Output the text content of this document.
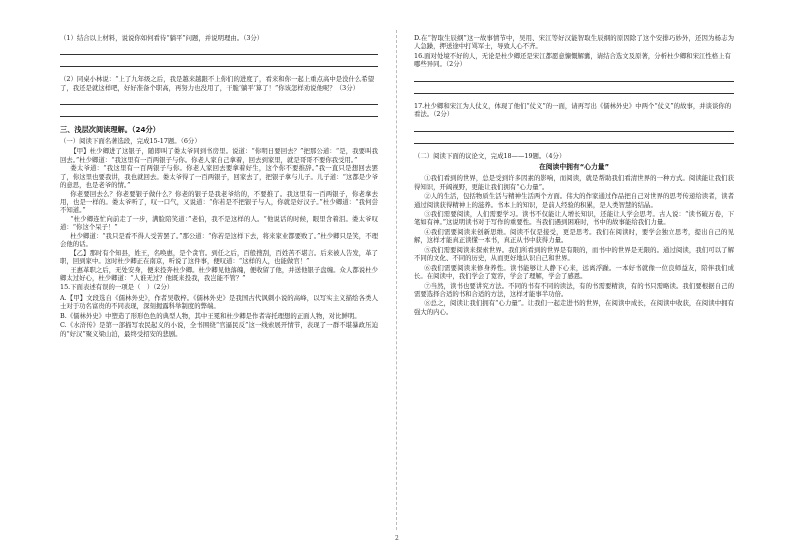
（1）结合以上材料，说说你如何看待“躺平”问题，并说明理由。（3分）
（2）同桌小林说：“上了九年级之后，我是越来越跟不上你们的进度了，看来和你一起上重点高中是没什么希望了，我还是就这样吧，好好准备个职高，再努力也没用了，干脆‘躺平’算了！”你该怎样劝说他呢？（3分）
三、浅层次阅读理解。（24分）
（一）阅读下面名著选段，完成15-17题。（6分）

【甲】杜少卿进了这银子，随即叫了娄太爷同到书房里。说道：“你明日要回去？”把那公道：“是，我要叫我回去。”杜少卿道：“我这里有一百两银子与你。你老人家自己拿着，回去到家里，就是哥哥不要你我受用。”

娄太爷道：“我这里有一百两银子与你。你老人家回去要拿着好生，这个你不要推辞。”我一直只是想回去罢了，你这里也要我讲，我也就回去。娄太爷得了一百两银子，回家去了，把银子拿与儿子。儿子道：“这都是少爷的意思，也是老爷的情。”

你老要回去么？你老要银子做什么？你老的银子是我老爷给的，不要推了。我这里有一百两银子，你老拿去用，也是一样的。娄太爷听了，叹一口气，又说道：“你若是不把银子与人，你就是好汉子。”杜少卿道：“我何尝不知道。”

“杜少卿连忙向前走了一步，满脸陪笑道：”老伯，我不是这样的人。“他说话的时候，眼里含着泪。娄太爷叹道：“你这个呆子！”

杜少卿道：“我只是看不得人受苦罢了。”那公道：“你若是这样下去，将来家业都要败了。”杜少卿只是笑，不理会他的话。

【乙】那时有个知县，姓王，名唤惠，是个贪官。到任之后，百般搜刮，百姓苦不堪言。后来被人告发，革了职，回到家中。这时杜少卿正在南京，听说了这件事，便叹道：“这样的人，也能做官！”

王惠革职之后，无处安身，便来投奔杜少卿。杜少卿见他落魄，便收留了他，并送他银子盘缠。众人都说杜少卿太过好心，杜少卿道：“人谁无过？他既来投我，我岂能不管？”

15.下面表述有误的一项是（　）（2分）

A.【甲】文段选自《儒林外史》，作者吴敬梓。《儒林外史》是我国古代讽刺小说的高峰，以写实主义描绘各类人士对于功名富贵的不同表现，深刻揭露科举制度的弊端。

B.《儒林外史》中塑造了形形色色的典型人物，其中王冕和杜少卿是作者寄托理想的正面人物，对比鲜明。

C.《水浒传》是第一部描写农民起义的小说，全书围绕“官逼民反”这一线索展开情节，表现了一群不堪暴政压迫的“好汉”聚义梁山泊，最终受招安的悲剧。

D.在“智取生辰纲”这一故事情节中，吴用、宋江等好汉能智取生辰纲的原因除了这个安排巧妙外，还因为杨志为人急躁，押送途中打骂军士，导致人心不齐。

16.面对处境不好的人，无论是杜少卿还是宋江都愿意慷慨解囊，请结合选文及原著，分析杜少卿和宋江性格上有哪些异同。（2分）
17.杜少卿和宋江为人仗义，体现了他们“仗义”的一面，请再写出《儒林外史》中两个“仗义”的故事，并谈谈你的看法。（2分）
（二）阅读下面的议论文，完成18——19题。（4分）
在阅读中拥有“心力量”

①我们看到的世界，总是受到许多因素的影响，而阅读，就是帮助我们看清世界的一种方式。阅读能让我们获得知识，开阔视野，更能让我们拥有“心力量”。

②人的生活，包括物质生活与精神生活两个方面。伟大的作家通过作品把自己对世界的思考传递给读者，读者通过阅读获得精神上的滋养。书本上的知识，是前人经验的积累，是人类智慧的结晶。

③我们需要阅读，人们需要学习。读书不仅能让人增长知识，还能让人学会思考。古人说：“读书破万卷，下笔如有神。”这说明读书对于写作的重要性。当我们遇到困难时，书中的故事能给我们力量。

④我们需要阅读来创新思维。阅读不仅是接受，更是思考。我们在阅读时，要学会独立思考，提出自己的见解，这样才能真正读懂一本书，真正从书中获得力量。

⑤我们需要阅读来探索世界。我们所看到的世界是有限的，而书中的世界是无限的。通过阅读，我们可以了解不同的文化、不同的历史，从而更好地认识自己和世界。

⑥我们需要阅读来修身养性。读书能够让人静下心来，远离浮躁。一本好书就像一位良师益友，陪伴我们成长。在阅读中，我们学会了宽容，学会了理解，学会了感恩。

⑦当然，读书也要讲究方法。不同的书有不同的读法，有的书需要精读，有的书只需略读。我们要根据自己的需要选择合适的书和合适的方法，这样才能事半功倍。

⑧总之，阅读让我们拥有“心力量”。让我们一起走进书的世界，在阅读中成长，在阅读中收获，在阅读中拥有强大的内心。

2
